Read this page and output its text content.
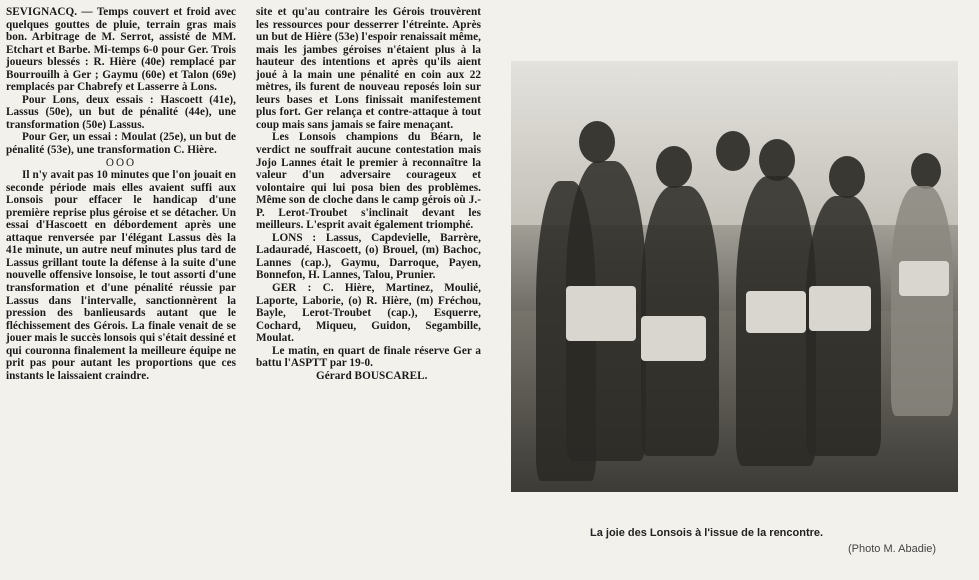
SEVIGNACQ. — Temps couvert et froid avec quelques gouttes de pluie, terrain gras mais bon. Arbitrage de M. Serrot, assisté de MM. Etchart et Barbe. Mi-temps 6-0 pour Ger. Trois joueurs blessés : R. Hière (40e) remplacé par Bourrouilh à Ger ; Gaymu (60e) et Talon (69e) remplacés par Chabrefy et Lasserre à Lons.

Pour Lons, deux essais : Hascoett (41e), Lassus (50e), un but de pénalité (44e), une transformation (50e) Lassus.

Pour Ger, un essai : Moulat (25e), un but de pénalité (53e), une transformation C. Hière.

OOO

Il n'y avait pas 10 minutes que l'on jouait en seconde période mais elles avaient suffi aux Lonsois pour effacer le handicap d'une première reprise plus géroise et se détacher. Un essai d'Hascoett en débordement après une attaque renversée par l'élégant Lassus dès la 41e minute, un autre neuf minutes plus tard de Lassus grillant toute la défense à la suite d'une nouvelle offensive lonsoise, le tout assorti d'une transformation et d'une pénalité réussie par Lassus dans l'intervalle, sanctionnèrent la pression des banlieusards autant que le fléchissement des Gérois. La finale venait de se jouer mais le succès lonsois qui s'était dessiné et qui couronna finalement la meilleure équipe ne prit pas pour autant les proportions que ces instants le laissaient craindre.

site et qu'au contraire les Gérois trouvèrent les ressources pour desserrer l'étreinte. Après un but de Hière (53e) l'espoir renaissait même, mais les jambes géroises n'étaient plus à la hauteur des intentions et après qu'ils aient joué à la main une pénalité en coin aux 22 mètres, ils furent de nouveau reposés loin sur leurs bases et Lons finissait manifestement plus fort. Ger relança et contre-attaque à tout coup mais sans jamais se faire menaçant.

Les Lonsois champions du Béarn, le verdict ne souffrait aucune contestation mais Jojo Lannes était le premier à reconnaître la valeur d'un adversaire courageux et volontaire qui lui posa bien des problèmes. Même son de cloche dans le camp gérois où J.-P. Lerot-Troubet s'inclinait devant les meilleurs. L'esprit avait également triomphé.

LONS : Lassus, Capdevielle, Barrère, Ladauradé, Hascoett, (o) Brouel, (m) Bachoc, Lannes (cap.), Gaymu, Darroque, Payen, Bonnefon, H. Lannes, Talou, Prunier.

GER : C. Hière, Martinez, Moulié, Laporte, Laborie, (o) R. Hière, (m) Fréchou, Bayle, Lerot-Troubet (cap.), Esquerre, Cochard, Miqueu, Guidon, Segambille, Moulat.

Le matin, en quart de finale réserve Ger a battu l'ASPTT par 19-0.

Gérard BOUSCAREL.

La joie des Lonsois à l'issue de la rencontre.
(Photo M. Abadie)
